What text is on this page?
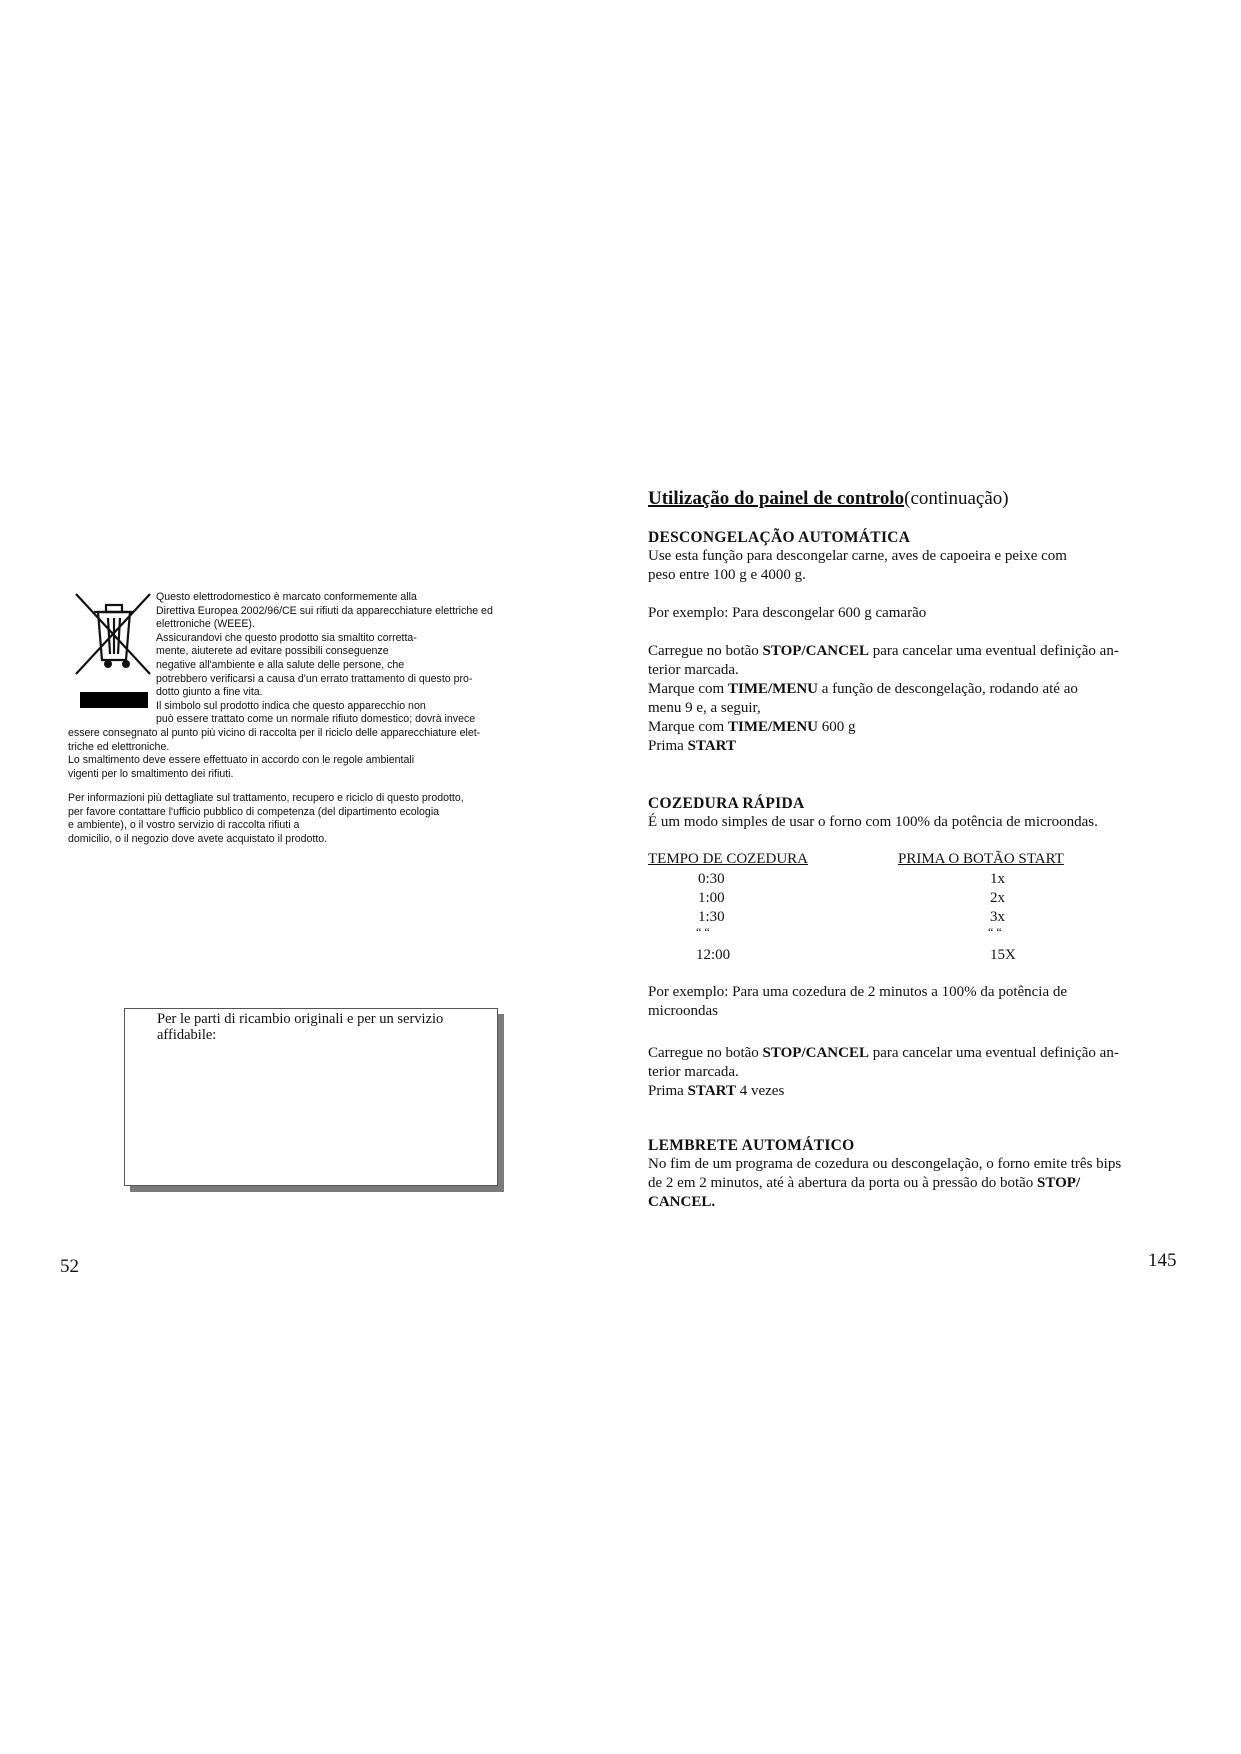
Questo elettrodomestico è marcato conformemente alla
Direttiva Europea 2002/96/CE sui rifiuti da apparecchiature elettriche ed
elettroniche (WEEE).
Assicurandovi che questo prodotto sia smaltito corretta-
mente, aiuterete ad evitare possibili conseguenze
negative all'ambiente e alla salute delle persone, che
potrebbero verificarsi a causa d'un errato trattamento di questo pro-
dotto giunto a fine vita.
Il simbolo sul prodotto indica che questo apparecchio non
può essere trattato come un normale rifiuto domestico; dovrà invece
essere consegnato al punto più vicino di raccolta per il riciclo delle apparecchiature elet-
triche ed elettroniche.
Lo smaltimento deve essere effettuato in accordo con le regole ambientali
vigenti per lo smaltimento dei rifiuti.
Per informazioni più dettagliate sul trattamento, recupero e riciclo di questo prodotto,
per favore contattare l'ufficio pubblico di competenza (del dipartimento ecologia
e ambiente), o il vostro servizio di raccolta rifiuti a
domicilio, o il negozio dove avete acquistato il prodotto.
Per le parti di ricambio originali e per un servizio
affidabile:
52
Utilização do painel de controlo(continuação)
DESCONGELAÇÃO AUTOMÁTICA
Use esta função para descongelar carne, aves de capoeira e peixe com
peso entre 100 g e 4000 g.
Por exemplo: Para descongelar 600 g camarão
Carregue no botão STOP/CANCEL para cancelar uma eventual definição an-
terior marcada.
Marque com TIME/MENU a função de descongelação, rodando até ao
menu 9 e, a seguir,
Marque com TIME/MENU 600 g
Prima START
COZEDURA RÁPIDA
É um modo simples de usar o forno com 100% da potência de microondas.
TEMPO DE COZEDURA	PRIMA O BOTÃO START
0:30	1x
1:00	2x
1:30	3x
“ “	“ “
12:00	15X
Por exemplo: Para uma cozedura de 2 minutos a 100% da potência de
microondas
Carregue no botão STOP/CANCEL para cancelar uma eventual definição an-
terior marcada.
Prima START 4 vezes
LEMBRETE AUTOMÁTICO
No fim de um programa de cozedura ou descongelação, o forno emite três bips
de 2 em 2 minutos, até à abertura da porta ou à pressão do botão STOP/
CANCEL.
145
